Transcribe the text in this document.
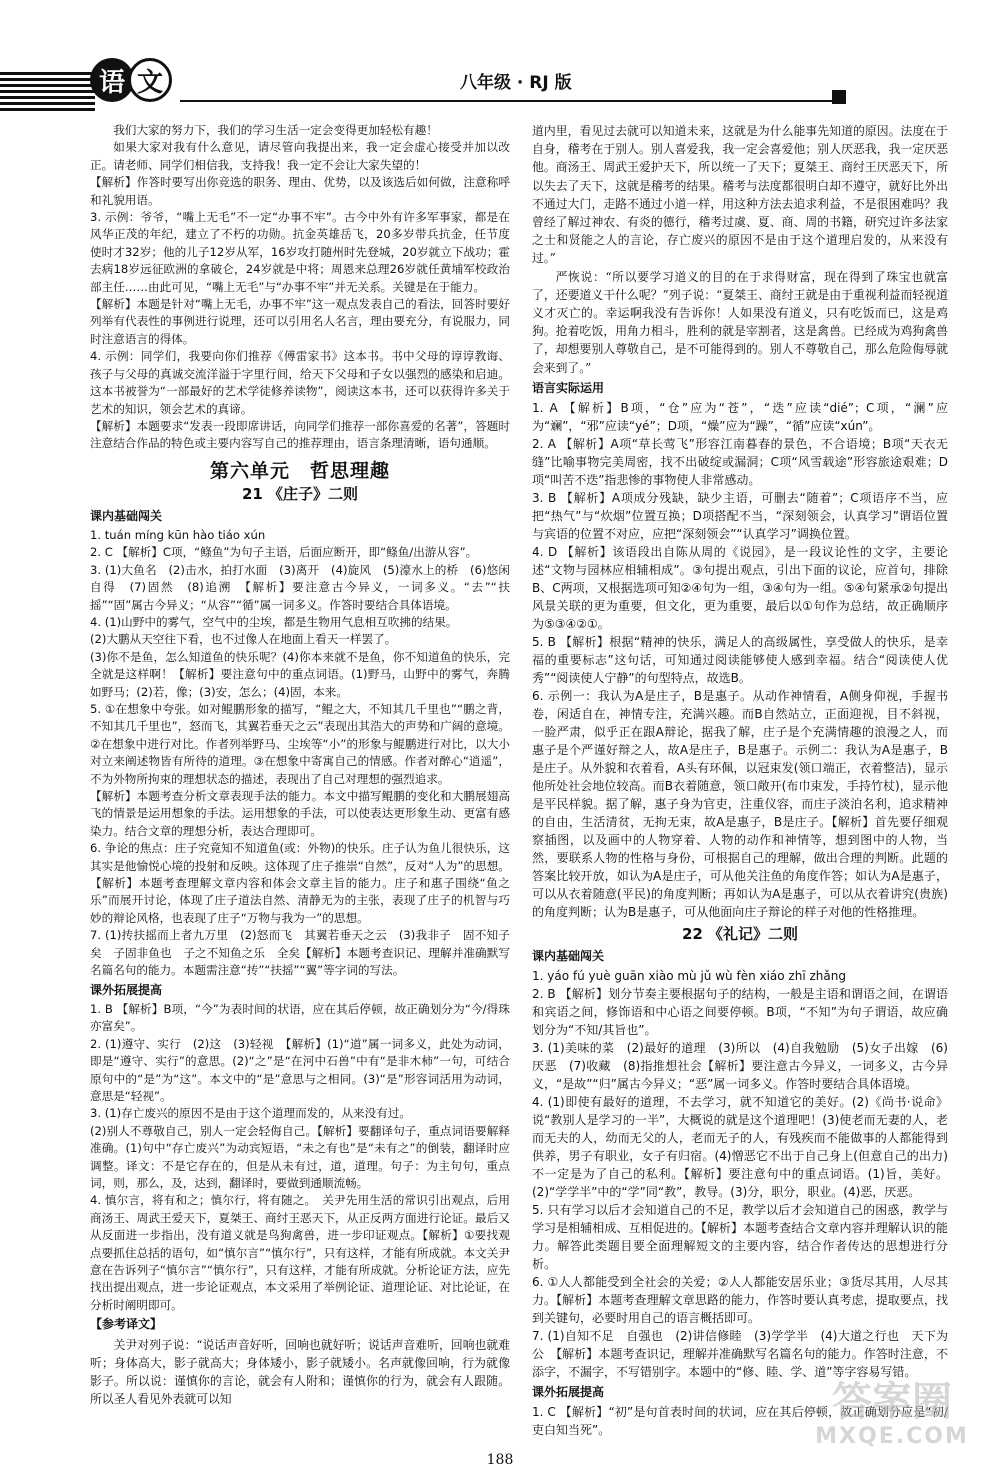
语 文	八年级 · RJ 版

我们大家的努力下，我们的学习生活一定会变得更加轻松有趣！

如果大家对我有什么意见，请尽管向我提出来，我一定会虚心接受并加以改正。请老师、同学们相信我，支持我！我一定不会让大家失望的！

【解析】作答时要写出你竞选的职务、理由、优势，以及该选后如何做，注意称呼和礼貌用语。

3. 示例：爷爷，“嘴上无毛”不一定“办事不牢”。古今中外有许多军事家，都是在风华正茂的年纪，建立了不朽的功勋。抗金英雄岳飞，20多岁带兵抗金，任节度使时才32岁；他的儿子12岁从军，16岁攻打随州时先登城，20岁就立下战功；霍去病18岁远征欧洲的拿破仑，24岁就是中将；周恩来总理26岁就任黄埔军校政治部主任……由此可见，“嘴上无毛”与“办事不牢”并无关系。关键是在于能力。

【解析】本题是针对“嘴上无毛，办事不牢”这一观点发表自己的看法，回答时要好列举有代表性的事例进行说理，还可以引用名人名言，理由要充分，有说服力，同时注意语言的得体。

4. 示例：同学们，我要向你们推荐《傅雷家书》这本书。书中父母的谆谆教诲、孩子与父母的真诚交流洋溢于字里行间，给天下父母和子女以强烈的感染和启迪。这本书被誉为“一部最好的艺术学徒修养读物”，阅读这本书，还可以获得许多关于艺术的知识，领会艺术的真谛。

【解析】本题要求“发表一段即席讲话，向同学们推荐一部你喜爱的名著”，答题时注意结合作品的特色或主要内容写自己的推荐理由，语言条理清晰，语句通顺。

第六单元　哲思理趣
21 《庄子》二则
课内基础闯关

1. tuán míng kūn hào tiáo xún

2. C 【解析】C项，“鲦鱼”为句子主语，后面应断开，即“鲦鱼/出游从容”。

3. (1)大鱼名　(2)击水，拍打水面　(3)离开　(4)旋风　(5)濠水上的桥　(6)悠闲自得　(7)固然　(8)追溯　【解析】要注意古今异义，一词多义。“去”“扶摇”“固”属古今异义；“从容”“循”属一词多义。作答时要结合具体语境。

4. (1)山野中的雾气，空气中的尘埃，都是生物用气息相互吹拂的结果。

(2)大鹏从天空往下看，也不过像人在地面上看天一样罢了。

(3)你不是鱼，怎么知道鱼的快乐呢？(4)你本来就不是鱼，你不知道鱼的快乐，完全就是这样啊！【解析】要注意句中的重点词语。(1)野马，山野中的雾气，奔腾如野马；(2)若，像；(3)安，怎么；(4)固，本来。

5. ①在想象中夸张。如对鲲鹏形象的描写，“鲲之大，不知其几千里也”“鹏之背，不知其几千里也”，怒而飞，其翼若垂天之云”表现出其浩大的声势和广阔的意境。②在想象中进行对比。作者列举野马、尘埃等“小”的形象与鲲鹏进行对比，以大小对立来阐述物皆有所待的道理。③在想象中寄寓自己的情感。作者对醉心“逍遥”，不为外物所拘束的理想状态的描述，表现出了自己对理想的强烈追求。

【解析】本题考查分析文章表现手法的能力。本文中描写鲲鹏的变化和大鹏展翅高飞的情景是运用想象的手法。运用想象的手法，可以使表达更形象生动、更富有感染力。结合文章的理想分析，表达合理即可。

6. 争论的焦点：庄子究竟知不知道鱼(或：外物)的快乐。庄子认为鱼儿很快乐，这其实是他愉悦心境的投射和反映。这体现了庄子推崇“自然”，反对“人为”的思想。【解析】本题考查理解文章内容和体会文章主旨的能力。庄子和惠子围绕“鱼之乐”而展开讨论，体现了庄子道法自然、清静无为的主张，表现了庄子的机智与巧妙的辩论风格，也表现了庄子“万物与我为一”的思想。

7. (1)抟扶摇而上者九万里　(2)怒而飞　其翼若垂天之云　(3)我非子　固不知子矣　子固非鱼也　子之不知鱼之乐　全矣【解析】本题考查识记、理解并准确默写名篇名句的能力。本题需注意“抟”“扶摇”“翼”等字词的写法。

课外拓展提高

1. B 【解析】B项，“今”为表时间的状语，应在其后停顿，故正确划分为“今/得珠亦富矣”。

2. (1)遵守、实行　(2)这　(3)轻视　【解析】(1)“道”属一词多义，此处为动词，即是“遵守、实行”的意思。(2)“之”是“在河中石兽”中有“是非木柿”一句，可结合原句中的“是”为“这”。本文中的“是”意思与之相同。(3)“是”形容词活用为动词，意思是“轻视”。

3. (1)存亡废兴的原因不是由于这个道理而发的，从来没有过。

(2)别人不尊敬自己，别人一定会轻侮自己。【解析】要翻译句子，重点词语要解释准确。(1)句中“存亡废兴”为动宾短语，“未之有也”是“未有之”的倒装，翻译时应调整。译文：不是它存在的，但是从未有过，道，道理。句子：为主句句，重点词，则，那么，及，达到，翻译时，要做到通顺流畅。

4. 慎尔言，将有和之；慎尔行，将有随之。　关尹先用生活的常识引出观点，后用商汤王、周武王爱天下，夏桀王、商纣王恶天下，从正反两方面进行论证。最后又从反面进一步指出，没有道义就是鸟狗禽兽，进一步印证观点。【解析】①要找观点要抓住总括的语句，如“慎尔言”“慎尔行”，只有这样，才能有所成就。本文关尹意在告诉列子“慎尔言”“慎尔行”，只有这样，才能有所成就。分析论证方法，应先找出提出观点，进一步论证观点，本文采用了举例论证、道理论证、对比论证，在分析时阐明即可。

【参考译文】

关尹对列子说：“说话声音好听，回响也就好听；说话声音难听，回响也就难听；身体高大，影子就高大；身体矮小，影子就矮小。名声就像回响，行为就像影子。所以说：谨慎你的言论，就会有人附和；谨慎你的行为，就会有人跟随。所以圣人看见外表就可以知

道内里，看见过去就可以知道未来，这就是为什么能事先知道的原因。法度在于自身，稽考在于别人。别人喜爱我，我一定会喜爱他；别人厌恶我，我一定厌恶他。商汤王、周武王爱护天下，所以统一了天下；夏桀王、商纣王厌恶天下，所以失去了天下，这就是稽考的结果。稽考与法度都很明白却不遵守，就好比外出不通过大门，走路不通过小道一样，用这种方法去追求利益，不是很困难吗？我曾经了解过神农、有炎的德行，稽考过虞、夏、商、周的书籍，研究过许多法家之士和贤能之人的言论，存亡废兴的原因不是由于这个道理启发的，从来没有过。”

严恢说：“所以要学习道义的目的在于求得财富，现在得到了珠宝也就富了，还要道义干什么呢？”列子说：“夏桀王、商纣王就是由于重视利益而轻视道义才灭亡的。幸运啊我没有告诉你！人如果没有道义，只有吃饭而已，这是鸡狗。抢着吃饭，用角力相斗，胜利的就是宰割者，这是禽兽。已经成为鸡狗禽兽了，却想要别人尊敬自己，是不可能得到的。别人不尊敬自己，那么危险侮辱就会来到了。”

语言实际运用

1. A 【解析】B项，“仓”应为“苍”，“迭”应读“dié”；C项，“澜”应为“斓”，“邪”应读“yé”；D项，“燥”应为“躁”，“循”应读“xún”。

2. A 【解析】A项“草长莺飞”形容江南暮春的景色，不合语境；B项“天衣无缝”比喻事物完美周密，找不出破绽或漏洞；C项“风雪载途”形容旅途艰难；D项“叫苦不迭”指悲惨的事物使人非常感动。

3. B 【解析】A项成分残缺，缺少主语，可删去“随着”；C项语序不当，应把“热气”与“炊烟”位置互换；D项搭配不当，“深刻领会，认真学习”谓语位置与宾语的位置不对应，应把“深刻领会”“认真学习”调换位置。

4. D 【解析】该语段出自陈从周的《说园》，是一段议论性的文字，主要论述“文物与园林应相辅相成”。③句提出观点，引出下面的议论，应首句，排除B、C两项，又根据选项可知②④句为一组，③④句为一组。⑤④句紧承②句提出风景关联的更为重要，但文化，更为重要，最后以①句作为总结，故正确顺序为⑤③④②①。

5. B 【解析】根据“精神的快乐，满足人的高级属性，享受做人的快乐，是幸福的重要标志”这句话，可知通过阅读能够使人感到幸福。结合“阅读使人优秀”“阅读使人宁静”的句型特点，故选B。

6. 示例一：我认为A是庄子，B是惠子。从动作神情看，A侧身仰视，手握书卷，闲适自在，神情专注，充满兴趣。而B自然站立，正面迎视，目不斜视，一脸严肃，似乎正在跟A辩论，据我了解，庄子是个充满情趣的浪漫之人，而惠子是个严谨好辩之人，故A是庄子，B是惠子。示例二：我认为A是惠子，B是庄子。从外貌和衣着看，A头有环佩，以冠束发(领口端正，衣着整洁)，显示他所处社会地位较高。而B衣着随意，领口敞开(布巾束发，手持竹杖)，显示他是平民样貌。据了解，惠子身为官吏，注重仪容，而庄子淡泊名利，追求精神的自由，生活清贫，无拘无束，故A是惠子，B是庄子。【解析】首先要仔细观察插图，以及画中的人物穿着、人物的动作和神情等，想到图中的人物，当然，要联系人物的性格与身份，可根据自己的理解，做出合理的判断。此题的答案比较开放，如认为A是庄子，可从他关注鱼的角度作答；如认为A是惠子，可以从衣着随意(平民)的角度判断；再如认为A是惠子，可以从衣着讲究(贵族)的角度判断；认为B是惠子，可从他面向庄子辩论的样子对他的性格推理。

22 《礼记》二则
课内基础闯关

1. yáo fú yuè guān xiào mù jǔ wù fèn xiáo zhī zhǎng

2. B 【解析】划分节奏主要根据句子的结构，一般是主语和谓语之间，在谓语和宾语之间，修饰语和中心语之间要停顿。B项，“不知”为句子谓语，故应确划分为“不知/其旨也”。

3. (1)美味的菜　(2)最好的道理　(3)所以　(4)自我勉励　(5)女子出嫁　(6)厌恶　(7)收藏　(8)指推想社会【解析】要注意古今异义，一词多义，古今异义，“是故”“归”属古今异义；“恶”属一词多义。作答时要结合具体语境。

4. (1)即使有最好的道理，不去学习，就不知道它的美好。(2)《尚书·说命》说“教别人是学习的一半”，大概说的就是这个道理吧！(3)使老而无妻的人，老而无夫的人，幼而无父的人，老而无子的人，有残疾而不能做事的人都能得到供养，男子有职业，女子有归宿。(4)憎恶它不出于自己身上(但意自己的出力)不一定是为了自己的私利。【解析】要注意句中的重点词语。(1)旨，美好。(2)“学学半”中的“学”同“教”，教导。(3)分，职分，职业。(4)恶，厌恶。

5. 只有学习以后才会知道自己的不足，教学以后才会知道自己的困惑，教学与学习是相辅相成、互相促进的。【解析】本题考查结合文章内容并理解认识的能力。解答此类题目要全面理解短文的主要内容，结合作者传达的思想进行分析。

6. ①人人都能受到全社会的关爱；②人人都能安居乐业；③货尽其用，人尽其力。【解析】本题考查理解文章思路的能力，作答时要认真考虑，提取要点，找到关键句，必要时用自己的语言概括即可。

7. (1)自知不足　自强也　(2)讲信修睦　(3)学学半　(4)大道之行也　天下为公　【解析】本题考查识记，理解并准确默写名篇名句的能力。作答时注意，不添字，不漏字，不写错别字。本题中的“修、睦、学、道”等字容易写错。

课外拓展提高

1. C 【解析】“初”是句首表时间的状词，应在其后停顿，故正确划分应是“初/吏白知当死”。

188
答案圈
MXQE.COM
